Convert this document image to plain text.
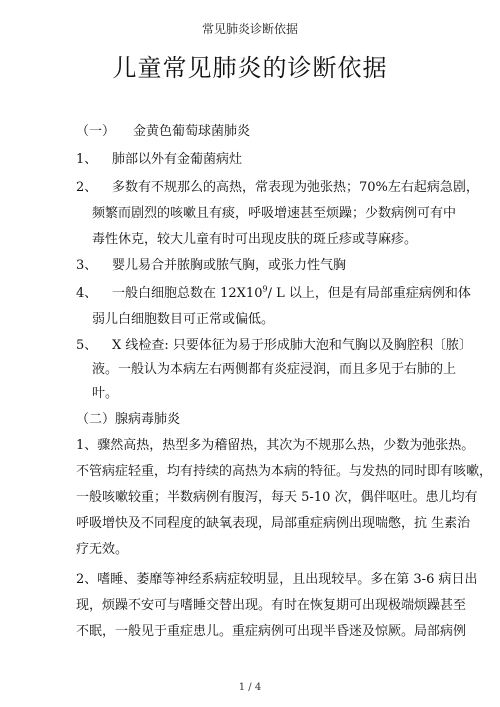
常见肺炎诊断依据
儿童常见肺炎的诊断依据
（一） 金黄色葡萄球菌肺炎
1、 肺部以外有金葡菌病灶
2、 多数有不规那么的高热，常表现为弛张热；70%左右起病急剧，
频繁而剧烈的咳嗽且有痰，呼吸增速甚至烦躁；少数病例可有中
毒性休克，较大儿童有时可出现皮肤的斑丘疹或荨麻疹。
3、 婴儿易合并脓胸或脓气胸，或张力性气胸
4、 一般白细胞总数在 $12X10^9/$ L 以上，但是有局部重症病例和体
弱儿白细胞数目可正常或偏低。
5、 X 线检查: 只要体征为易于形成肺大泡和气胸以及胸腔积〔脓〕
液。一般认为本病左右两侧都有炎症浸润，而且多见于右肺的上
叶。
（二）腺病毒肺炎
1、骤然高热，热型多为稽留热，其次为不规那么热，少数为弛张热。
不管病症轻重，均有持续的高热为本病的特征。与发热的同时即有咳嗽，
一般咳嗽较重；半数病例有腹泻，每天 5-10 次，偶伴呕吐。患儿均有
呼吸增快及不同程度的缺氧表现，局部重症病例出现喘憋，抗 生素治
疗无效。
2、嗜睡、萎靡等神经系病症较明显，且出现较早。多在第 3-6 病日出
现，烦躁不安可与嗜睡交替出现。有时在恢复期可出现极端烦躁甚至
不眠，一般见于重症患儿。重症病例可出现半昏迷及惊厥。局部病例
1 / 4
